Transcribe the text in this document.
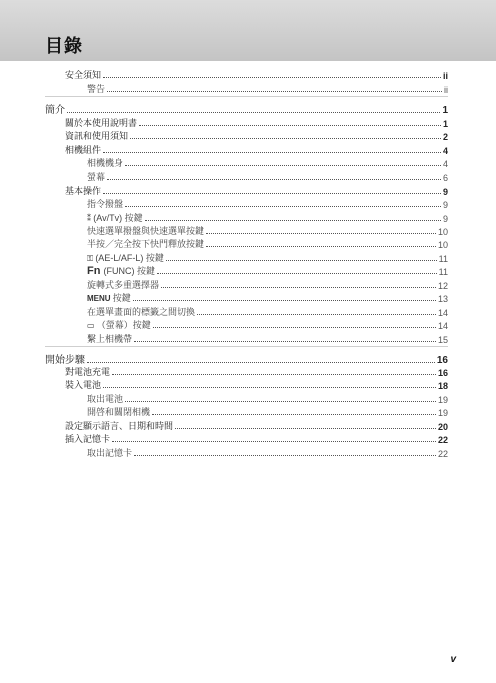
目錄
安全須知	ii
警告	ii
簡介	1
關於本使用說明書	1
資訊和使用須知	2
相機組件	4
相機機身	4
螢幕	6
基本操作	9
指令撥盤	9
⁑ (Av/Tv) 按鍵	9
快速選單撥盤與快速選單按鍵	10
半按／完全按下快門釋放按鍵	10
⚿ (AE-L/AF-L) 按鍵	11
Fn (FUNC) 按鍵	11
旋轉式多重選擇器	12
MENU 按鍵	13
在選單畫面的標籤之間切換	14
▭ （螢幕）按鍵	14
繫上相機帶	15
開始步驟	16
對電池充電	16
裝入電池	18
取出電池	19
開啓和關閉相機	19
設定顯示語言、日期和時間	20
插入記憶卡	22
取出記憶卡	22
v
